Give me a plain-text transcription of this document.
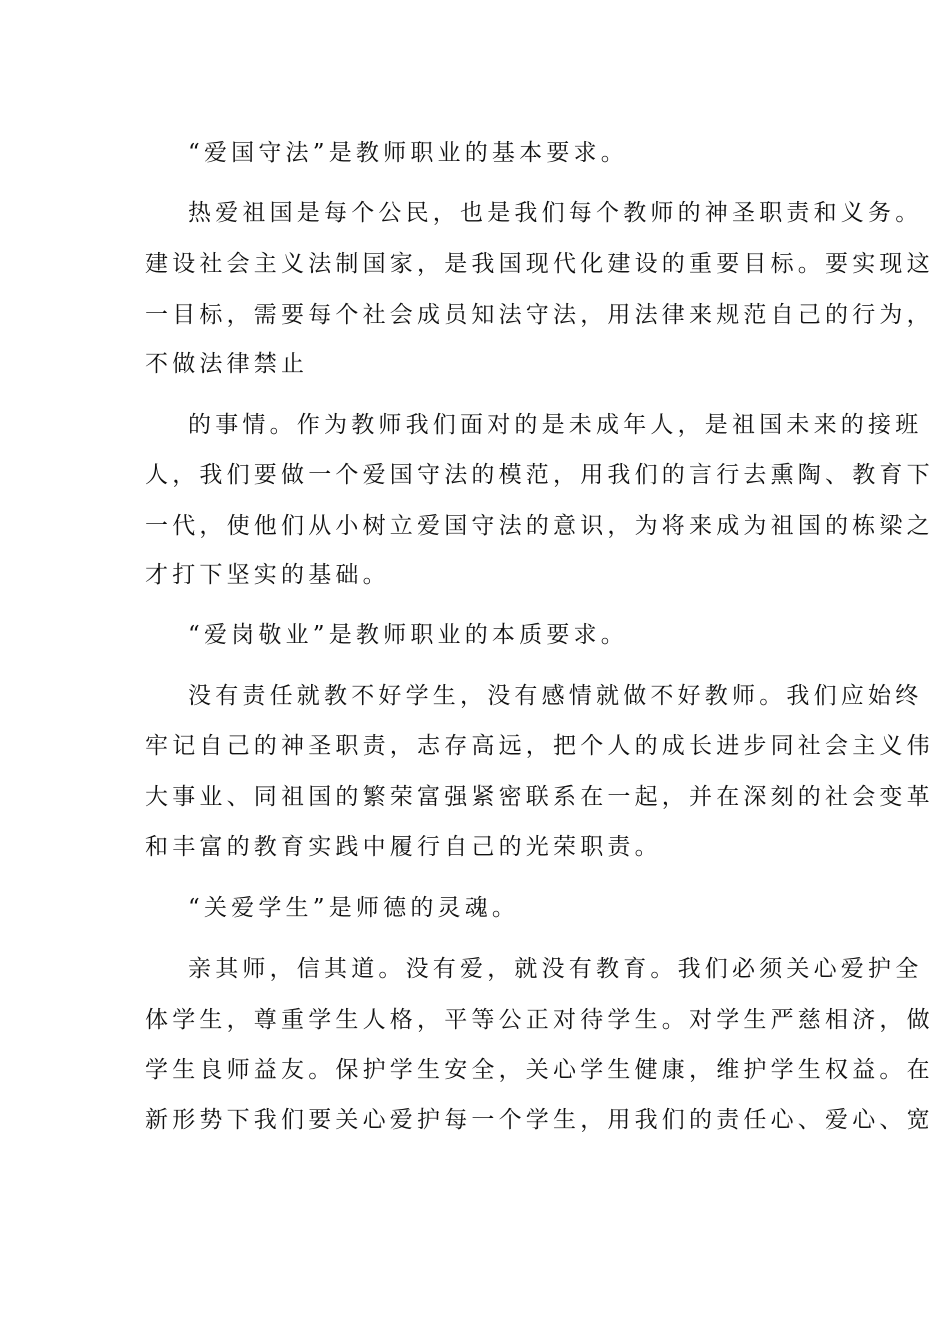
“爱国守法”是教师职业的基本要求。
热爱祖国是每个公民，也是我们每个教师的神圣职责和义务。
建设社会主义法制国家，是我国现代化建设的重要目标。要实现这
一目标，需要每个社会成员知法守法，用法律来规范自己的行为，
不做法律禁止
的事情。作为教师我们面对的是未成年人，是祖国未来的接班
人，我们要做一个爱国守法的模范，用我们的言行去熏陶、教育下
一代，使他们从小树立爱国守法的意识，为将来成为祖国的栋梁之
才打下坚实的基础。
“爱岗敬业”是教师职业的本质要求。
没有责任就教不好学生，没有感情就做不好教师。我们应始终
牢记自己的神圣职责，志存高远，把个人的成长进步同社会主义伟
大事业、同祖国的繁荣富强紧密联系在一起，并在深刻的社会变革
和丰富的教育实践中履行自己的光荣职责。
“关爱学生”是师德的灵魂。
亲其师，信其道。没有爱，就没有教育。我们必须关心爱护全
体学生，尊重学生人格，平等公正对待学生。对学生严慈相济，做
学生良师益友。保护学生安全，关心学生健康，维护学生权益。在
新形势下我们要关心爱护每一个学生，用我们的责任心、爱心、宽
